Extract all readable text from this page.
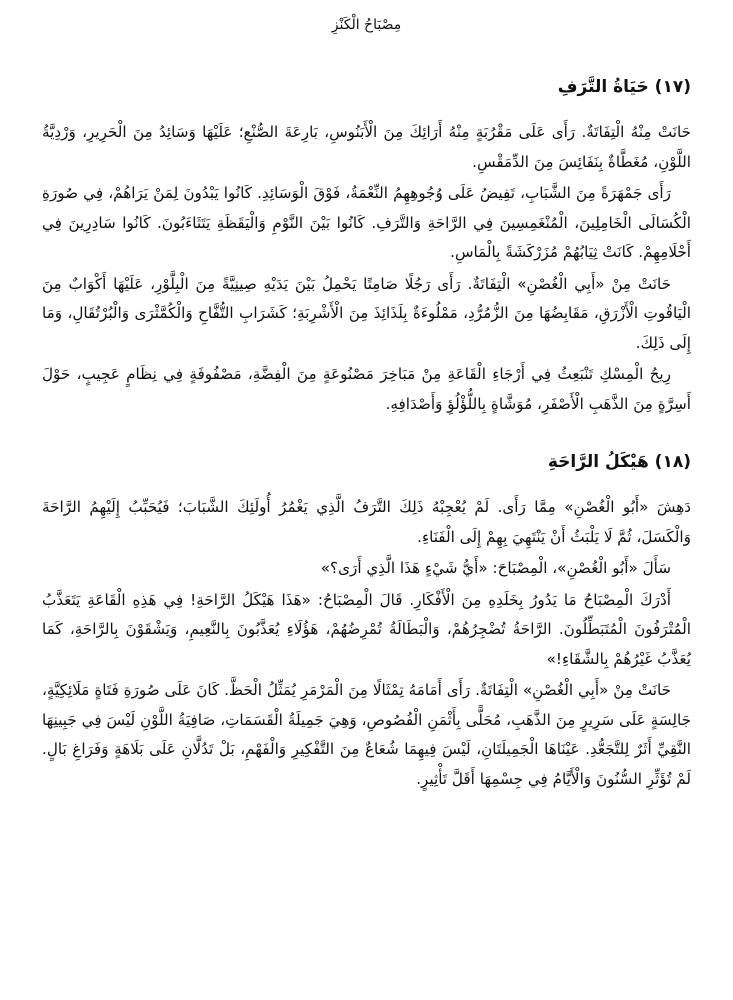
مِصْبَاحُ الْكَنْزِ
(١٧) حَيَاةُ التَّرَفِ

حَانَتْ مِنْهُ الْتِفَاتَةٌ. رَأَى عَلَى مَقْرُبَةٍ مِنْهُ أَرَائِكَ مِنَ الْأَبَنُوسِ، بَارِعَةَ الصُّنْعِ؛ عَلَيْهَا وَسَائِدُ مِنَ الْحَرِيرِ، وَرْدِيَّةُ اللَّوْنِ، مُغَطَّاةٌ بِنَفَائِسَ مِنَ الدِّمَقْسِ.

رَأَى جَمْهَرَةً مِنَ الشَّبَابِ، تَفِيضُ عَلَى وُجُوهِهِمُ النِّعْمَةُ، فَوْقَ الْوَسَائِدِ. كَانُوا يَبْدُونَ لِمَنْ يَرَاهُمْ، فِي صُورَةِ الْكُسَالَى الْخَامِلِينَ، الْمُنْغَمِسِينَ فِي الرَّاحَةِ وَالتَّرَفِ. كَانُوا بَيْنَ النَّوْمِ وَالْيَقَظَةِ يَتَثَاءَبُونَ. كَانُوا سَادِرِينَ فِي أَحْلَامِهِمْ. كَانَتْ ثِيَابُهُمْ مُزَرْكَشَةً بِالْمَاسِ.

حَانَتْ مِنْ «أَبِي الْغُصْنِ» الْتِفَاتَةٌ. رَأَى رَجُلًا صَامِتًا يَحْمِلُ بَيْنَ يَدَيْهِ صِينِيَّةً مِنَ الْبِلَّوْرِ، عَلَيْهَا أَكْوَابٌ مِنَ الْيَاقُوتِ الْأَزْرَقِ، مَقَابِضُهَا مِنَ الزُّمُرُّدِ، مَمْلُوءَةٌ بِلَذَائِذَ مِنَ الْأَشْرِبَةِ؛ كَشَرَابِ التُّفَّاحِ وَالْكُمَّثْرَى وَالْبُرْتُقَالِ، وَمَا إِلَى ذَلِكَ.

رِيحُ الْمِسْكِ تَنْبَعِثُ فِي أَرْجَاءِ الْقَاعَةِ مِنْ مَبَاخِرَ مَصْنُوعَةٍ مِنَ الْفِضَّةِ، مَصْفُوفَةٍ فِي نِظَامٍ عَجِيبٍ، حَوْلَ أَسِرَّةٍ مِنَ الذَّهَبِ الْأَصْفَرِ، مُوَشَّاةٍ بِاللُّؤْلُؤِ وَأَصْدَافِهِ.

(١٨) هَيْكَلُ الرَّاحَةِ

دَهِشَ «أَبُو الْغُصْنِ» مِمَّا رَأَى. لَمْ يُعْجِبْهُ ذَلِكَ التَّرَفُ الَّذِي يَغْمُرُ أُولَئِكَ الشَّبَابَ؛ فَيُحَبِّبُ إِلَيْهِمُ الرَّاحَةَ وَالْكَسَلَ، ثُمَّ لَا يَلْبَثُ أَنْ يَنْتَهِيَ بِهِمْ إِلَى الْفَنَاءِ.

سَأَلَ «أَبُو الْغُصْنِ»، الْمِصْبَاحَ: «أَيُّ شَيْءٍ هَذَا الَّذِي أَرَى؟»

أَدْرَكَ الْمِصْبَاحُ مَا يَدُورُ بِخَلَدِهِ مِنَ الْأَفْكَارِ. قَالَ الْمِصْبَاحُ: «هَذَا هَيْكَلُ الرَّاحَةِ! فِي هَذِهِ الْقَاعَةِ يَتَعَذَّبُ الْمُتْرَفُونَ الْمُتَبَطِّلُونَ. الرَّاحَةُ تُضْجِرُهُمْ، وَالْبَطَالَةُ تُمْرِضُهُمْ، هَؤُلَاءِ يُعَذَّبُونَ بِالنَّعِيمِ، وَيَشْقَوْنَ بِالرَّاحَةِ، كَمَا يُعَذَّبُ غَيْرُهُمْ بِالشَّقَاءِ!»

حَانَتْ مِنْ «أَبِي الْغُصْنِ» الْتِفَاتَةٌ. رَأَى أَمَامَهُ تِمْثَالًا مِنَ الْمَرْمَرِ يُمَثِّلُ الْحَظَّ. كَانَ عَلَى صُورَةِ فَتَاةٍ مَلَائِكِيَّةٍ، جَالِسَةٍ عَلَى سَرِيرٍ مِنَ الذَّهَبِ، مُحَلًّى بِأَثْمَنِ الْفُصُوصِ، وَهِيَ جَمِيلَةُ الْقَسَمَاتِ، صَافِيَةُ اللَّوْنِ لَيْسَ فِي جَبِينِهَا النَّقِيِّ أَثَرٌ لِلتَّجَعُّدِ. عَيْنَاهَا الْجَمِيلَتَانِ، لَيْسَ فِيهِمَا شُعَاعٌ مِنَ التَّفْكِيرِ وَالْفَهْمِ، بَلْ تَدُلَّانِ عَلَى بَلَاهَةٍ وَفَرَاغِ بَالٍ. لَمْ تُؤَثِّرِ السُّنُونَ وَالْأَيَّامُ فِي جِسْمِهَا أَقَلَّ تَأْثِيرٍ.
